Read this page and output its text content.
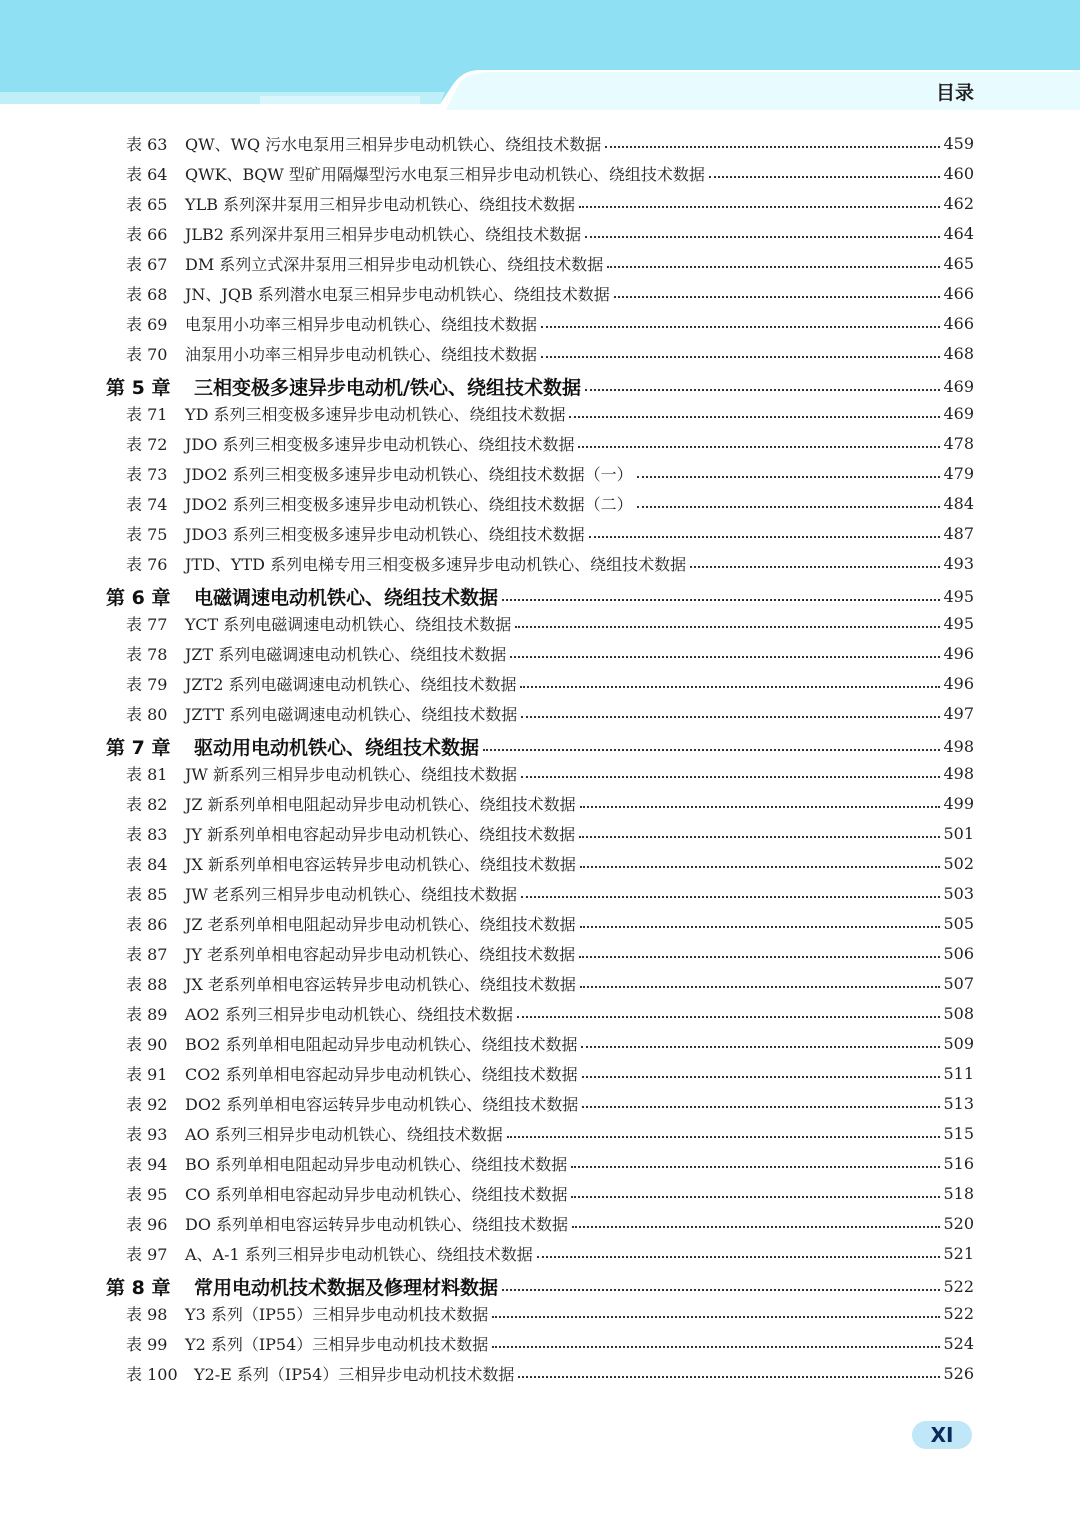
目录
表 63 QW、WQ 污水电泵用三相异步电动机铁心、绕组技术数据	459
表 64 QWK、BQW 型矿用隔爆型污水电泵三相异步电动机铁心、绕组技术数据	460
表 65 YLB 系列深井泵用三相异步电动机铁心、绕组技术数据	462
表 66 JLB2 系列深井泵用三相异步电动机铁心、绕组技术数据	464
表 67 DM 系列立式深井泵用三相异步电动机铁心、绕组技术数据	465
表 68 JN、JQB 系列潜水电泵三相异步电动机铁心、绕组技术数据	466
表 69 电泵用小功率三相异步电动机铁心、绕组技术数据	466
表 70 油泵用小功率三相异步电动机铁心、绕组技术数据	468
第 5 章 三相变极多速异步电动机/铁心、绕组技术数据	469
表 71 YD 系列三相变极多速异步电动机铁心、绕组技术数据	469
表 72 JDO 系列三相变极多速异步电动机铁心、绕组技术数据	478
表 73 JDO2 系列三相变极多速异步电动机铁心、绕组技术数据（一）	479
表 74 JDO2 系列三相变极多速异步电动机铁心、绕组技术数据（二）	484
表 75 JDO3 系列三相变极多速异步电动机铁心、绕组技术数据	487
表 76 JTD、YTD 系列电梯专用三相变极多速异步电动机铁心、绕组技术数据	493
第 6 章 电磁调速电动机铁心、绕组技术数据	495
表 77 YCT 系列电磁调速电动机铁心、绕组技术数据	495
表 78 JZT 系列电磁调速电动机铁心、绕组技术数据	496
表 79 JZT2 系列电磁调速电动机铁心、绕组技术数据	496
表 80 JZTT 系列电磁调速电动机铁心、绕组技术数据	497
第 7 章 驱动用电动机铁心、绕组技术数据	498
表 81 JW 新系列三相异步电动机铁心、绕组技术数据	498
表 82 JZ 新系列单相电阻起动异步电动机铁心、绕组技术数据	499
表 83 JY 新系列单相电容起动异步电动机铁心、绕组技术数据	501
表 84 JX 新系列单相电容运转异步电动机铁心、绕组技术数据	502
表 85 JW 老系列三相异步电动机铁心、绕组技术数据	503
表 86 JZ 老系列单相电阻起动异步电动机铁心、绕组技术数据	505
表 87 JY 老系列单相电容起动异步电动机铁心、绕组技术数据	506
表 88 JX 老系列单相电容运转异步电动机铁心、绕组技术数据	507
表 89 AO2 系列三相异步电动机铁心、绕组技术数据	508
表 90 BO2 系列单相电阻起动异步电动机铁心、绕组技术数据	509
表 91 CO2 系列单相电容起动异步电动机铁心、绕组技术数据	511
表 92 DO2 系列单相电容运转异步电动机铁心、绕组技术数据	513
表 93 AO 系列三相异步电动机铁心、绕组技术数据	515
表 94 BO 系列单相电阻起动异步电动机铁心、绕组技术数据	516
表 95 CO 系列单相电容起动异步电动机铁心、绕组技术数据	518
表 96 DO 系列单相电容运转异步电动机铁心、绕组技术数据	520
表 97 A、A-1 系列三相异步电动机铁心、绕组技术数据	521
第 8 章 常用电动机技术数据及修理材料数据	522
表 98 Y3 系列（IP55）三相异步电动机技术数据	522
表 99 Y2 系列（IP54）三相异步电动机技术数据	524
表 100 Y2-E 系列（IP54）三相异步电动机技术数据	526
XI
